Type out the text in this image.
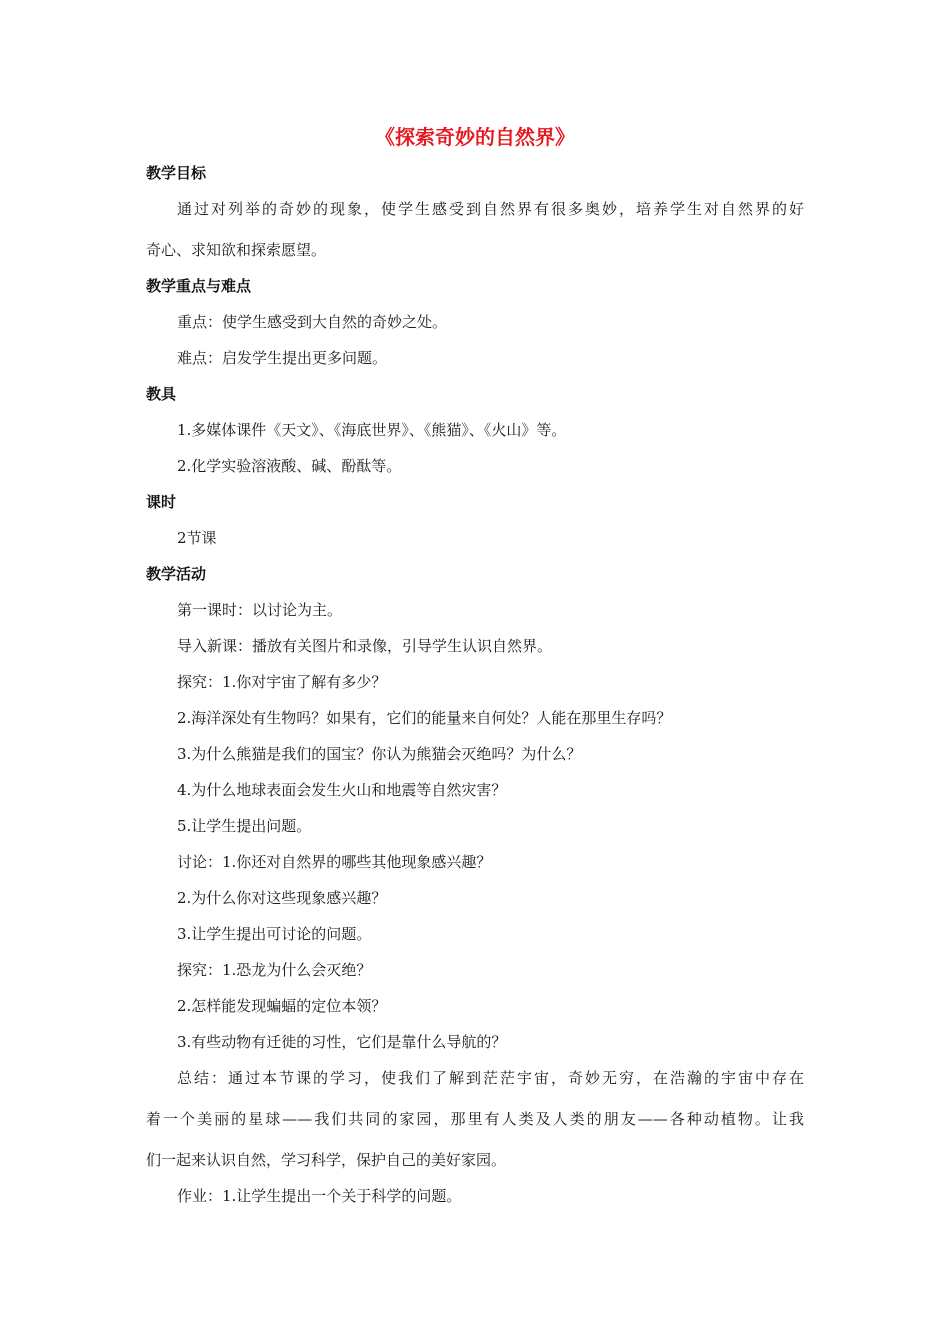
《探索奇妙的自然界》
教学目标
通过对列举的奇妙的现象，使学生感受到自然界有很多奥妙，培养学生对自然界的好
奇心、求知欲和探索愿望。
教学重点与难点
重点：使学生感受到大自然的奇妙之处。
难点：启发学生提出更多问题。
教具
1.多媒体课件《天文》、《海底世界》、《熊猫》、《火山》等。
2.化学实验溶液酸、碱、酚酞等。
课时
2节课
教学活动
第一课时：以讨论为主。
导入新课：播放有关图片和录像，引导学生认识自然界。
探究：1.你对宇宙了解有多少？
2.海洋深处有生物吗？如果有，它们的能量来自何处？人能在那里生存吗？
3.为什么熊猫是我们的国宝？你认为熊猫会灭绝吗？为什么？
4.为什么地球表面会发生火山和地震等自然灾害？
5.让学生提出问题。
讨论：1.你还对自然界的哪些其他现象感兴趣？
2.为什么你对这些现象感兴趣？
3.让学生提出可讨论的问题。
探究：1.恐龙为什么会灭绝？
2.怎样能发现蝙蝠的定位本领？
3.有些动物有迁徙的习性，它们是靠什么导航的？
总结：通过本节课的学习，使我们了解到茫茫宇宙，奇妙无穷，在浩瀚的宇宙中存在
着一个美丽的星球——我们共同的家园，那里有人类及人类的朋友——各种动植物。让我
们一起来认识自然，学习科学，保护自己的美好家园。
作业：1.让学生提出一个关于科学的问题。
